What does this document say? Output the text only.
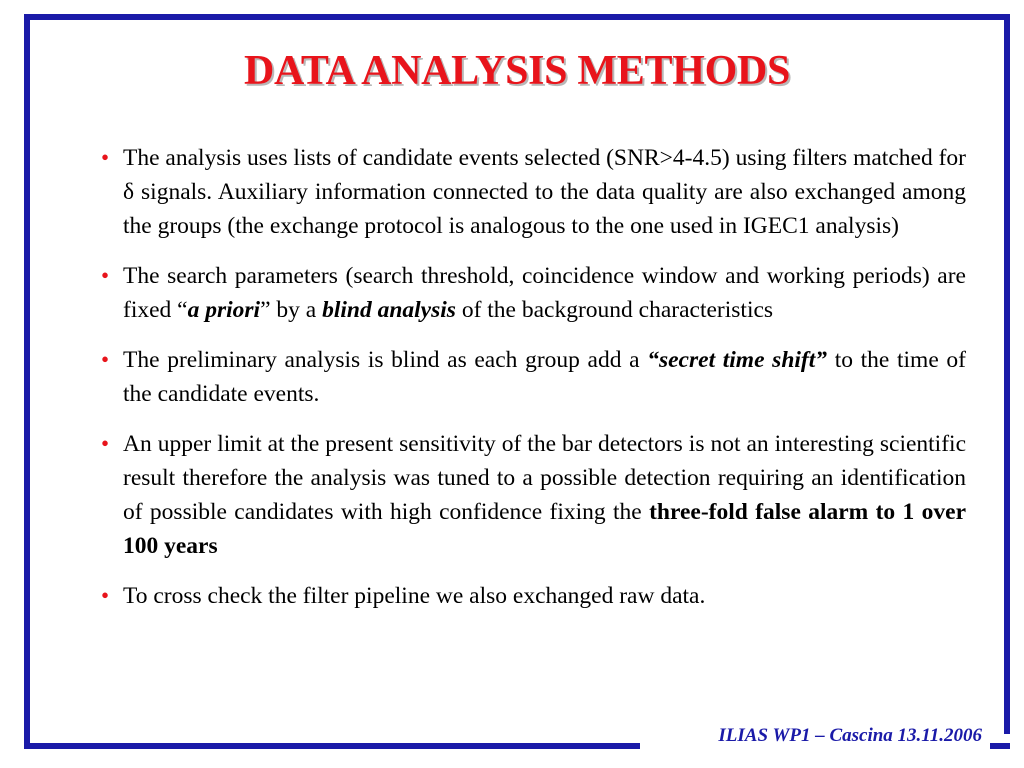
DATA ANALYSIS METHODS
• The analysis uses lists of candidate events selected (SNR>4-4.5) using filters matched for δ signals. Auxiliary information connected to the data quality are also exchanged among the groups (the exchange protocol is analogous to the one used in IGEC1 analysis)
• The search parameters (search threshold, coincidence window and working periods) are fixed “a priori” by a blind analysis of the background characteristics
• The preliminary analysis is blind as each group add a “secret time shift” to the time of the candidate events.
• An upper limit at the present sensitivity of the bar detectors is not an interesting scientific result therefore the analysis was tuned to a possible detection requiring an identification of possible candidates with high confidence fixing the three-fold false alarm to 1 over 100 years
• To cross check the filter pipeline we also exchanged raw data.
ILIAS WP1 – Cascina 13.11.2006
